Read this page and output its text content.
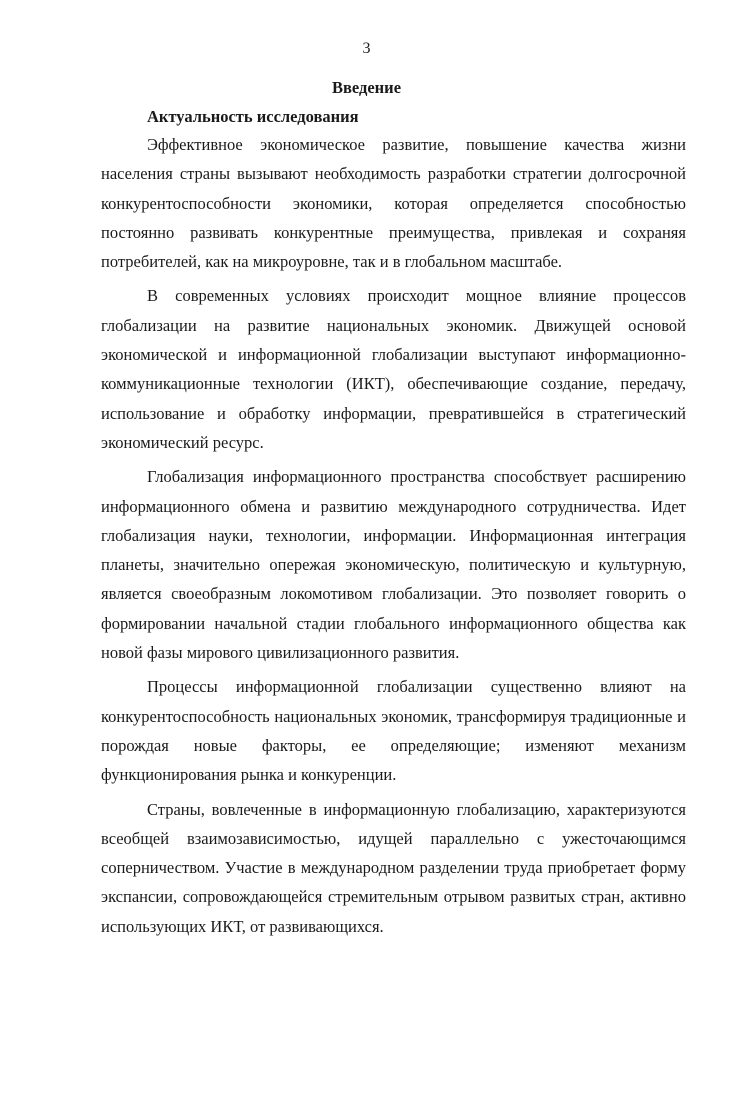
3
Введение
Актуальность исследования

Эффективное экономическое развитие, повышение качества жизни населения страны вызывают необходимость разработки стратегии долгосрочной конкурентоспособности экономики, которая определяется способностью постоянно развивать конкурентные преимущества, привлекая и сохраняя потребителей, как на микроуровне, так и в глобальном масштабе.

В современных условиях происходит мощное влияние процессов глобализации на развитие национальных экономик. Движущей основой экономической и информационной глобализации выступают информационно-коммуникационные технологии (ИКТ), обеспечивающие создание, передачу, использование и обработку информации, превратившейся в стратегический экономический ресурс.

Глобализация информационного пространства способствует расширению информационного обмена и развитию международного сотрудничества. Идет глобализация науки, технологии, информации. Информационная интеграция планеты, значительно опережая экономическую, политическую и культурную, является своеобразным локомотивом глобализации. Это позволяет говорить о формировании начальной стадии глобального информационного общества как новой фазы мирового цивилизационного развития.

Процессы информационной глобализации существенно влияют на конкурентоспособность национальных экономик, трансформируя традиционные и порождая новые факторы, ее определяющие; изменяют механизм функционирования рынка и конкуренции.

Страны, вовлеченные в информационную глобализацию, характеризуются всеобщей взаимозависимостью, идущей параллельно с ужесточающимся соперничеством. Участие в международном разделении труда приобретает форму экспансии, сопровождающейся стремительным отрывом развитых стран, активно использующих ИКТ, от развивающихся.
